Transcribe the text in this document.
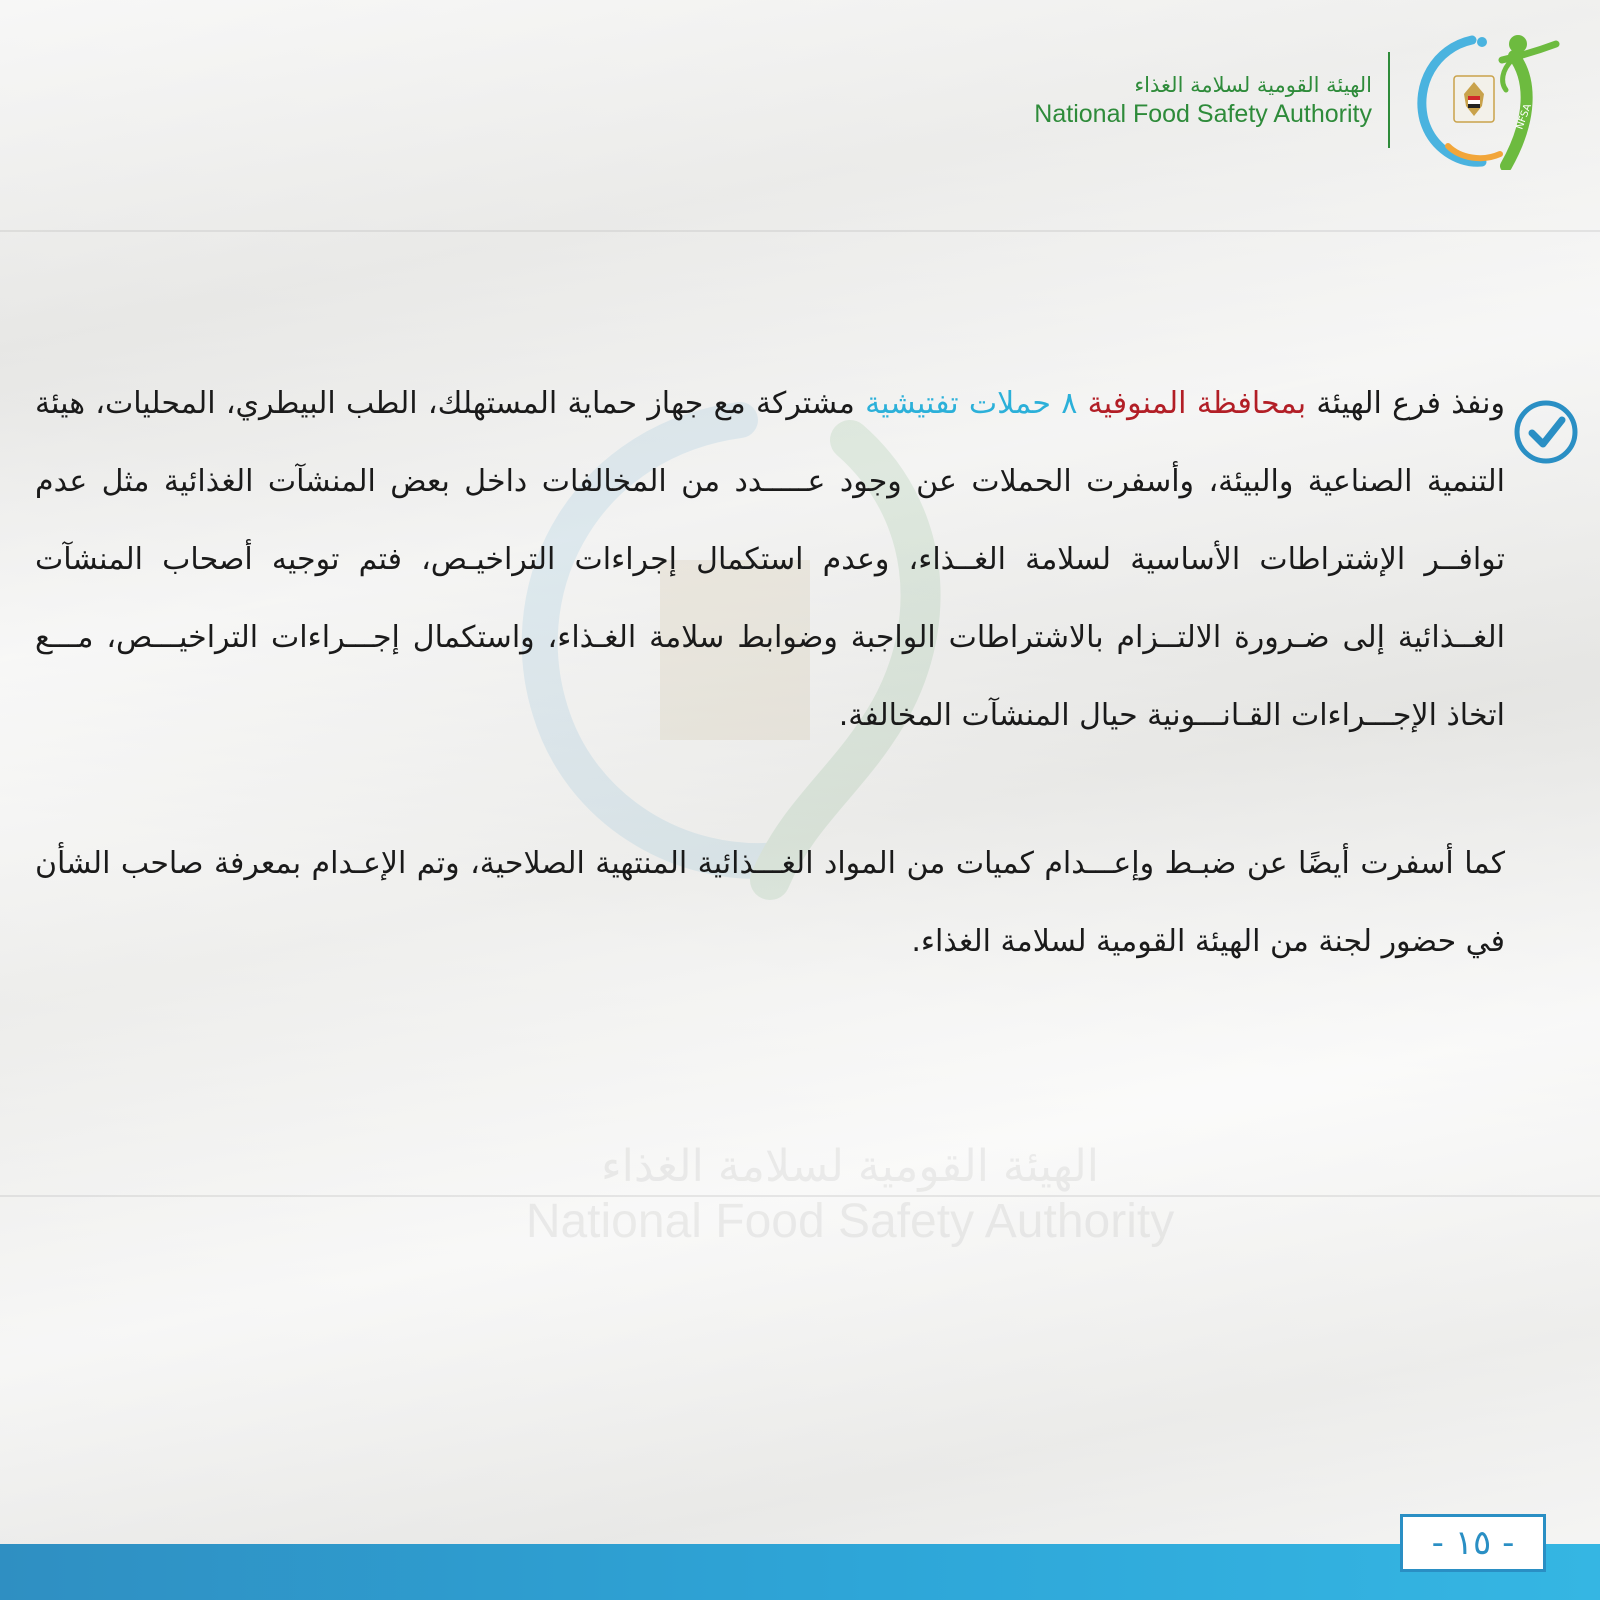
الهيئة القومية لسلامة الغذاء
National Food Safety Authority
الهيئة القومية لسلامة الغذاء
National Food Safety Authority	NFSA

ونفذ فرع الهيئة بمحافظة المنوفية ٨ حملات تفتيشية مشتركة مع جهاز حماية المستهلك، الطب البيطري، المحليات، هيئة التنمية الصناعية والبيئة، وأسفرت الحملات عن وجود عـــــدد من المخالفات داخل بعض المنشآت الغذائية مثل عدم توافــر الإشتراطات الأساسية لسلامة الغــذاء، وعدم استكمال إجراءات التراخيـص، فتم توجيه أصحاب المنشآت الغــذائية إلى ضـرورة الالتــزام بالاشتراطات الواجبة وضوابط سلامة الغـذاء، واستكمال إجـــراءات التراخيـــص، مـــع اتخاذ الإجـــراءات القـانـــونية حيال المنشآت المخالفة.

كما أسفرت أيضًا عن ضبـط وإعـــدام كميات من المواد الغـــذائية المنتهية الصلاحية، وتم الإعـدام بمعرفة صاحب الشأن في حضور لجنة من الهيئة القومية لسلامة الغذاء.

- ١٥ -
